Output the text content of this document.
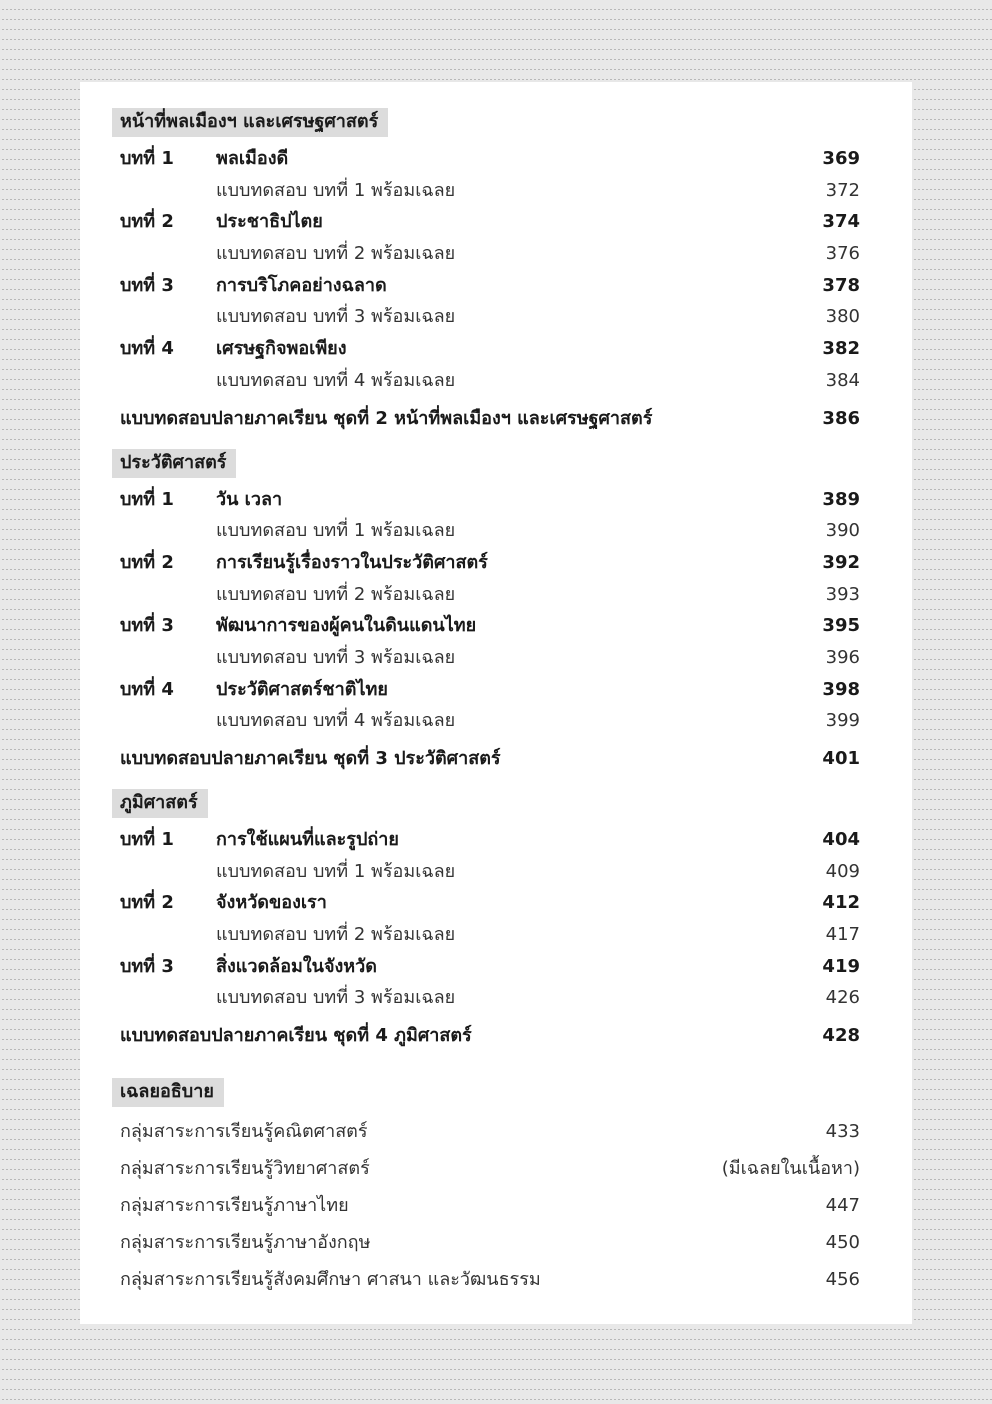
หน้าที่พลเมืองฯ และเศรษฐศาสตร์
บทที่ 1 พลเมืองดี	369
แบบทดสอบ บทที่ 1 พร้อมเฉลย	372
บทที่ 2 ประชาธิปไตย	374
แบบทดสอบ บทที่ 2 พร้อมเฉลย	376
บทที่ 3 การบริโภคอย่างฉลาด	378
แบบทดสอบ บทที่ 3 พร้อมเฉลย	380
บทที่ 4 เศรษฐกิจพอเพียง	382
แบบทดสอบ บทที่ 4 พร้อมเฉลย	384
แบบทดสอบปลายภาคเรียน ชุดที่ 2 หน้าที่พลเมืองฯ และเศรษฐศาสตร์	386
ประวัติศาสตร์
บทที่ 1 วัน เวลา	389
แบบทดสอบ บทที่ 1 พร้อมเฉลย	390
บทที่ 2 การเรียนรู้เรื่องราวในประวัติศาสตร์	392
แบบทดสอบ บทที่ 2 พร้อมเฉลย	393
บทที่ 3 พัฒนาการของผู้คนในดินแดนไทย	395
แบบทดสอบ บทที่ 3 พร้อมเฉลย	396
บทที่ 4 ประวัติศาสตร์ชาติไทย	398
แบบทดสอบ บทที่ 4 พร้อมเฉลย	399
แบบทดสอบปลายภาคเรียน ชุดที่ 3 ประวัติศาสตร์	401
ภูมิศาสตร์
บทที่ 1 การใช้แผนที่และรูปถ่าย	404
แบบทดสอบ บทที่ 1 พร้อมเฉลย	409
บทที่ 2 จังหวัดของเรา	412
แบบทดสอบ บทที่ 2 พร้อมเฉลย	417
บทที่ 3 สิ่งแวดล้อมในจังหวัด	419
แบบทดสอบ บทที่ 3 พร้อมเฉลย	426
แบบทดสอบปลายภาคเรียน ชุดที่ 4 ภูมิศาสตร์	428
เฉลยอธิบาย
กลุ่มสาระการเรียนรู้คณิตศาสตร์	433
กลุ่มสาระการเรียนรู้วิทยาศาสตร์	(มีเฉลยในเนื้อหา)
กลุ่มสาระการเรียนรู้ภาษาไทย	447
กลุ่มสาระการเรียนรู้ภาษาอังกฤษ	450
กลุ่มสาระการเรียนรู้สังคมศึกษา ศาสนา และวัฒนธรรม	456
